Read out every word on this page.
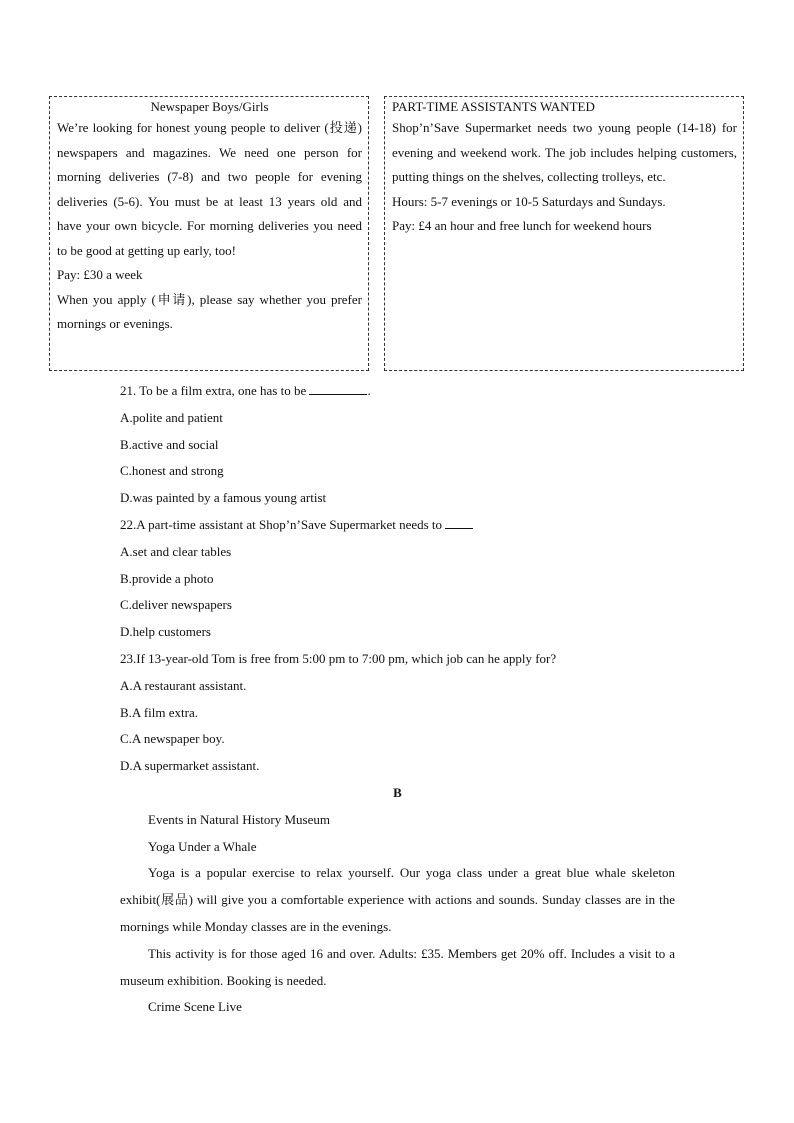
Newspaper Boys/Girls

We’re looking for honest young people to deliver (投递) newspapers and magazines. We need one person for morning deliveries (7-8) and two people for evening deliveries (5-6). You must be at least 13 years old and have your own bicycle. For morning deliveries you need to be good at getting up early, too!

Pay: £30 a week

When you apply (申请), please say whether you prefer mornings or evenings.

PART-TIME ASSISTANTS WANTED

Shop’n’Save Supermarket needs two young people (14-18) for evening and weekend work. The job includes helping customers, putting things on the shelves, collecting trolleys, etc.

Hours: 5-7 evenings or 10-5 Saturdays and Sundays.

Pay: £4 an hour and free lunch for weekend hours

21. To be a film extra, one has to be	.
A.polite and patient
B.active and social
C.honest and strong
D.was painted by a famous young artist
22.A part-time assistant at Shop’n’Save Supermarket needs to
A.set and clear tables
B.provide a photo
C.deliver newspapers
D.help customers
23.If 13-year-old Tom is free from 5:00 pm to 7:00 pm, which job can he apply for?
A.A restaurant assistant.
B.A film extra.
C.A newspaper boy.
D.A supermarket assistant.
B
Events in Natural History Museum
Yoga Under a Whale

Yoga is a popular exercise to relax yourself. Our yoga class under a great blue whale skeleton exhibit(展品) will give you a comfortable experience with actions and sounds. Sunday classes are in the mornings while Monday classes are in the evenings.

This activity is for those aged 16 and over. Adults: £35. Members get 20% off. Includes a visit to a museum exhibition. Booking is needed.

Crime Scene Live
